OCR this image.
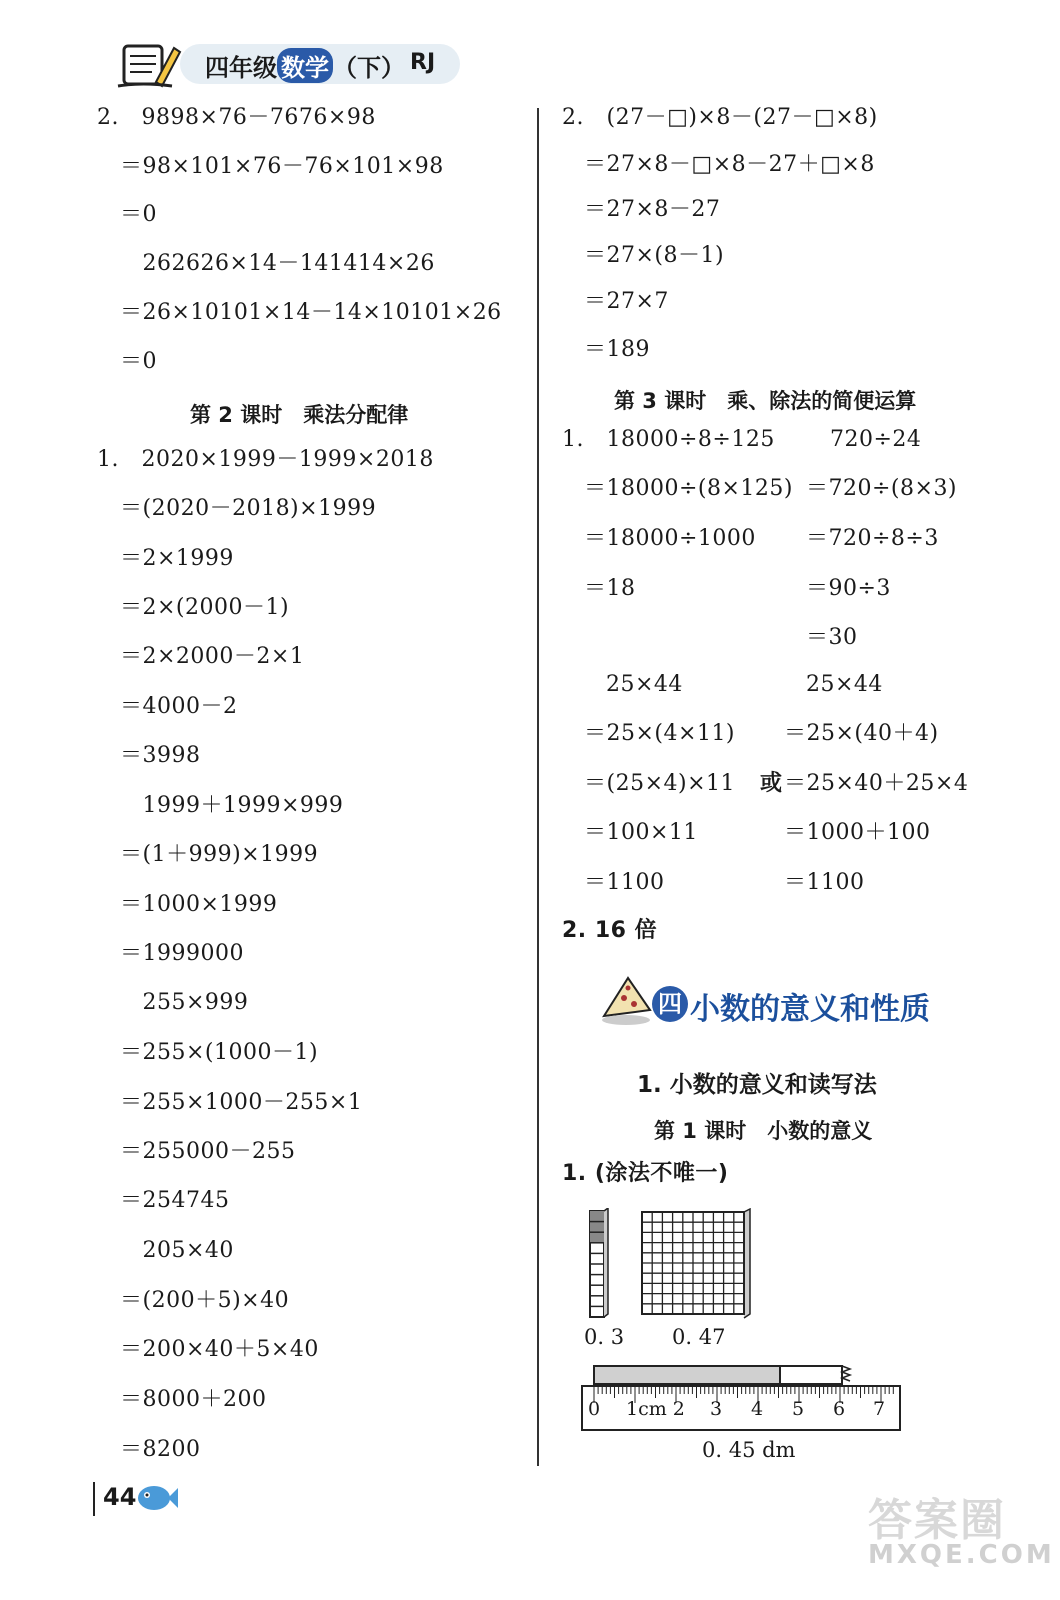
四年级 数学 （下） RJ
2.　9898×76－7676×98
＝98×101×76－76×101×98
＝0
　262626×14－141414×26
＝26×10101×14－14×10101×26
＝0
第 2 课时　乘法分配律
1.　2020×1999－1999×2018
＝(2020－2018)×1999
＝2×1999
＝2×(2000－1)
＝2×2000－2×1
＝4000－2
＝3998
　1999＋1999×999
＝(1＋999)×1999
＝1000×1999
＝1999000
　255×999
＝255×(1000－1)
＝255×1000－255×1
＝255000－255
＝254745
　205×40
＝(200＋5)×40
＝200×40＋5×40
＝8000＋200
＝8200
2.　(27－□)×8－(27－□×8)
＝27×8－□×8－27＋□×8
＝27×8－27
＝27×(8－1)
＝27×7
＝189
第 3 课时　乘、除法的简便运算
1.　18000÷8÷125
＝18000÷(8×125)
＝18000÷1000
＝18
720÷24
＝720÷(8×3)
＝720÷8÷3
＝90÷3
＝30
25×44
＝25×(4×11)
＝(25×4)×11
＝100×11
＝1100
或
25×44
＝25×(40＋4)
＝25×40＋25×4
＝1000＋100
＝1100
2. 16 倍
四 小数的意义和性质
1. 小数的意义和读写法
第 1 课时　小数的意义
1. (涂法不唯一)
0. 3 0. 47
0 1cm 2 3 4 5 6 7
0. 45 dm
44	答案圈
MXQE.COM
